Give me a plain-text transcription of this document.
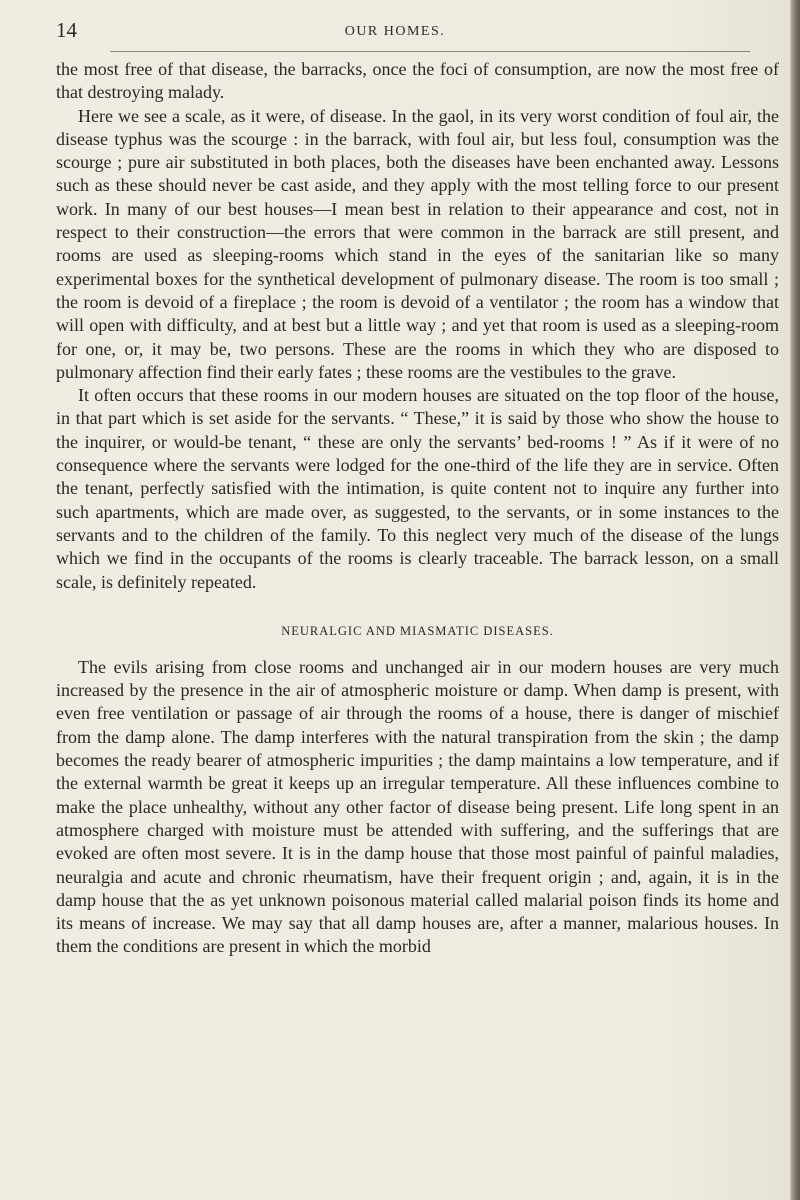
14	OUR HOMES.

the most free of that disease, the barracks, once the foci of consumption, are now the most free of that destroying malady.

Here we see a scale, as it were, of disease. In the gaol, in its very worst condition of foul air, the disease typhus was the scourge : in the barrack, with foul air, but less foul, consumption was the scourge ; pure air substituted in both places, both the diseases have been enchanted away. Lessons such as these should never be cast aside, and they apply with the most telling force to our present work. In many of our best houses—I mean best in relation to their appearance and cost, not in respect to their construction—the errors that were common in the barrack are still present, and rooms are used as sleeping-rooms which stand in the eyes of the sanitarian like so many experimental boxes for the synthetical development of pulmonary disease. The room is too small ; the room is devoid of a fireplace ; the room is devoid of a ventilator ; the room has a window that will open with difficulty, and at best but a little way ; and yet that room is used as a sleeping-room for one, or, it may be, two persons. These are the rooms in which they who are disposed to pulmonary affection find their early fates ; these rooms are the vestibules to the grave.

It often occurs that these rooms in our modern houses are situated on the top floor of the house, in that part which is set aside for the servants. “ These,” it is said by those who show the house to the inquirer, or would-be tenant, “ these are only the servants’ bed-rooms ! ” As if it were of no consequence where the servants were lodged for the one-third of the life they are in service. Often the tenant, perfectly satisfied with the intimation, is quite content not to inquire any further into such apartments, which are made over, as suggested, to the servants, or in some instances to the servants and to the children of the family. To this neglect very much of the disease of the lungs which we find in the occupants of the rooms is clearly traceable. The barrack lesson, on a small scale, is definitely repeated.

NEURALGIC AND MIASMATIC DISEASES.

The evils arising from close rooms and unchanged air in our modern houses are very much increased by the presence in the air of atmospheric moisture or damp. When damp is present, with even free ventilation or passage of air through the rooms of a house, there is danger of mischief from the damp alone. The damp interferes with the natural transpiration from the skin ; the damp becomes the ready bearer of atmospheric impurities ; the damp maintains a low temperature, and if the external warmth be great it keeps up an irregular temperature. All these influences combine to make the place unhealthy, without any other factor of disease being present. Life long spent in an atmosphere charged with moisture must be attended with suffering, and the sufferings that are evoked are often most severe. It is in the damp house that those most painful of painful maladies, neuralgia and acute and chronic rheumatism, have their frequent origin ; and, again, it is in the damp house that the as yet unknown poisonous material called malarial poison finds its home and its means of increase. We may say that all damp houses are, after a manner, malarious houses. In them the conditions are present in which the morbid
